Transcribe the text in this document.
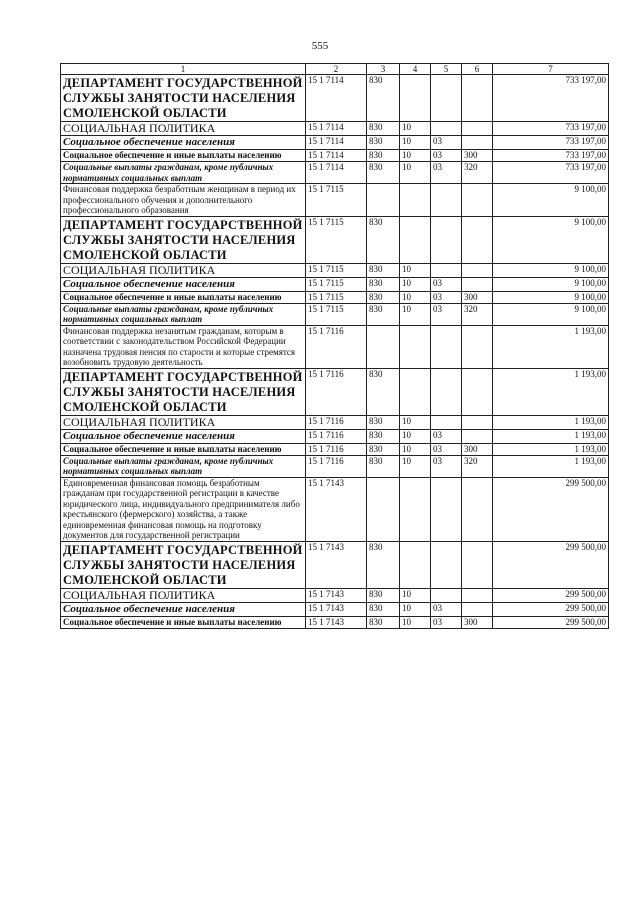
555
1	2	3	4	5	6	7
ДЕПАРТАМЕНТ ГОСУДАРСТВЕННОЙ СЛУЖБЫ ЗАНЯТОСТИ НАСЕЛЕНИЯ СМОЛЕНСКОЙ ОБЛАСТИ	15 1 7114	830				733 197,00
СОЦИАЛЬНАЯ ПОЛИТИКА	15 1 7114	830	10			733 197,00
Социальное обеспечение населения	15 1 7114	830	10	03		733 197,00
Социальное обеспечение и иные выплаты населению	15 1 7114	830	10	03	300	733 197,00
Социальные выплаты гражданам, кроме публичных нормативных социальных выплат	15 1 7114	830	10	03	320	733 197,00
Финансовая поддержка безработным женщинам в период их профессионального обучения и дополнительного профессионального образования	15 1 7115					9 100,00
ДЕПАРТАМЕНТ ГОСУДАРСТВЕННОЙ СЛУЖБЫ ЗАНЯТОСТИ НАСЕЛЕНИЯ СМОЛЕНСКОЙ ОБЛАСТИ	15 1 7115	830				9 100,00
СОЦИАЛЬНАЯ ПОЛИТИКА	15 1 7115	830	10			9 100,00
Социальное обеспечение населения	15 1 7115	830	10	03		9 100,00
Социальное обеспечение и иные выплаты населению	15 1 7115	830	10	03	300	9 100,00
Социальные выплаты гражданам, кроме публичных нормативных социальных выплат	15 1 7115	830	10	03	320	9 100,00
Финансовая поддержка незанятым гражданам, которым в соответствии с законодательством Российской Федерации назначена трудовая пенсия по старости и которые стремятся возобновить трудовую деятельность	15 1 7116					1 193,00
ДЕПАРТАМЕНТ ГОСУДАРСТВЕННОЙ СЛУЖБЫ ЗАНЯТОСТИ НАСЕЛЕНИЯ СМОЛЕНСКОЙ ОБЛАСТИ	15 1 7116	830				1 193,00
СОЦИАЛЬНАЯ ПОЛИТИКА	15 1 7116	830	10			1 193,00
Социальное обеспечение населения	15 1 7116	830	10	03		1 193,00
Социальное обеспечение и иные выплаты населению	15 1 7116	830	10	03	300	1 193,00
Социальные выплаты гражданам, кроме публичных нормативных социальных выплат	15 1 7116	830	10	03	320	1 193,00
Единовременная финансовая помощь безработным гражданам при государственной регистрации в качестве юридического лица, индивидуального предпринимателя либо крестьянского (фермерского) хозяйства, а также единовременная финансовая помощь на подготовку документов для государственной регистрации	15 1 7143					299 500,00
ДЕПАРТАМЕНТ ГОСУДАРСТВЕННОЙ СЛУЖБЫ ЗАНЯТОСТИ НАСЕЛЕНИЯ СМОЛЕНСКОЙ ОБЛАСТИ	15 1 7143	830				299 500,00
СОЦИАЛЬНАЯ ПОЛИТИКА	15 1 7143	830	10			299 500,00
Социальное обеспечение населения	15 1 7143	830	10	03		299 500,00
Социальное обеспечение и иные выплаты населению	15 1 7143	830	10	03	300	299 500,00
